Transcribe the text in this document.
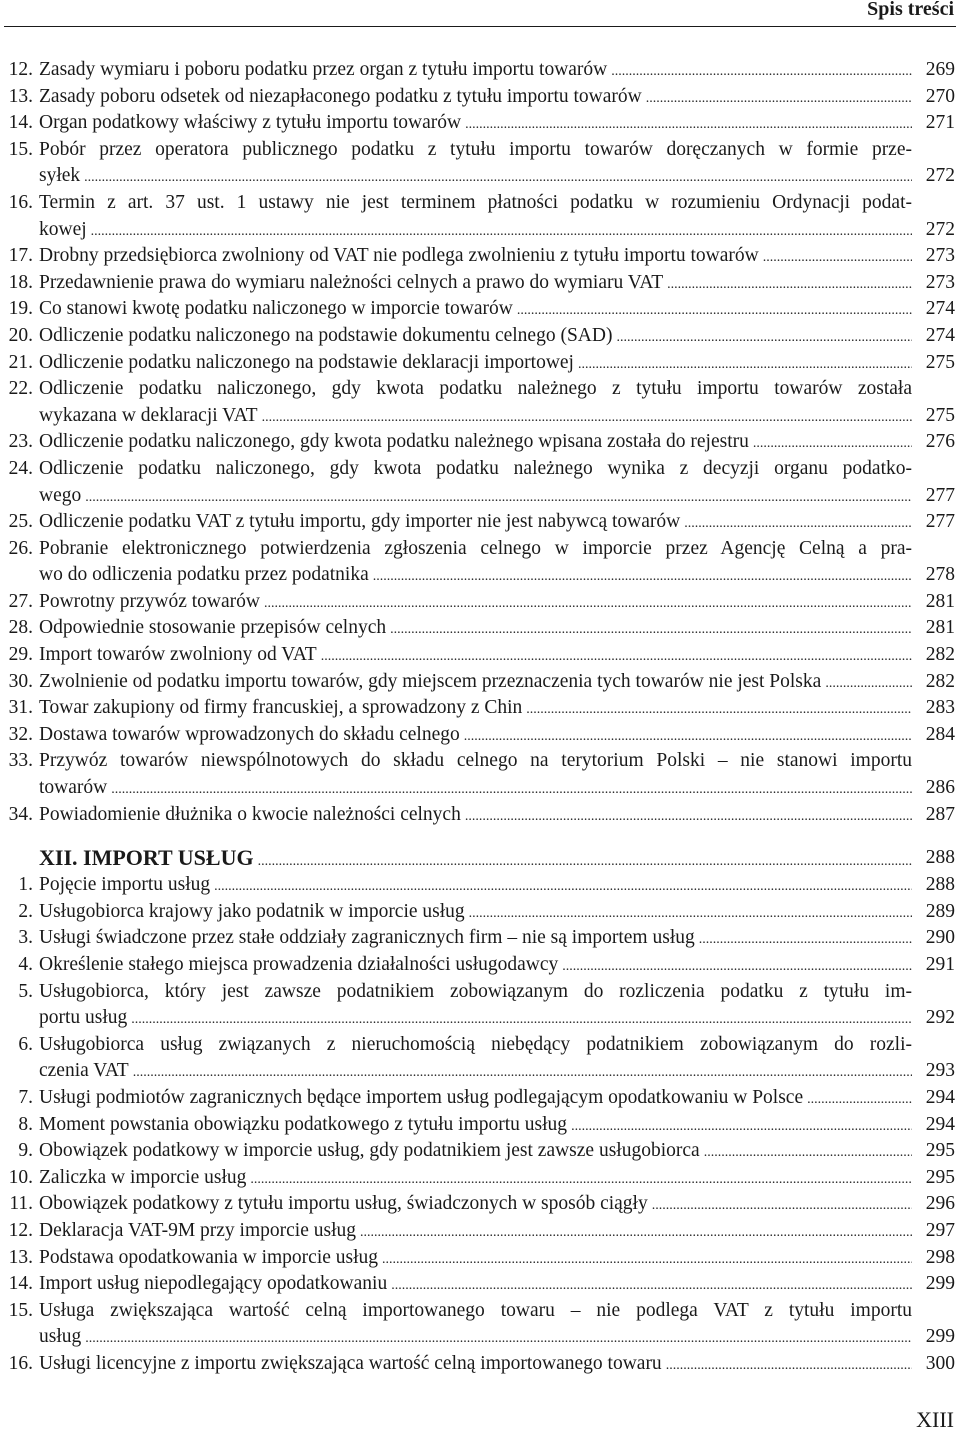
Spis treści
12. Zasady wymiaru i poboru podatku przez organ z tytułu importu towarów .....	269
13. Zasady poboru odsetek od niezapłaconego podatku z tytułu importu towarów .....	270
14. Organ podatkowy właściwy z tytułu importu towarów .....	271
15. Pobór przez operatora publicznego podatku z tytułu importu towarów doręczanych w formie prze-
syłek .....	272
16. Termin z art. 37 ust. 1 ustawy nie jest terminem płatności podatku w rozumieniu Ordynacji podat-
kowej .....	272
17. Drobny przedsiębiorca zwolniony od VAT nie podlega zwolnieniu z tytułu importu towarów .....	273
18. Przedawnienie prawa do wymiaru należności celnych a prawo do wymiaru VAT .....	273
19. Co stanowi kwotę podatku naliczonego w imporcie towarów .....	274
20. Odliczenie podatku naliczonego na podstawie dokumentu celnego (SAD) .....	274
21. Odliczenie podatku naliczonego na podstawie deklaracji importowej .....	275
22. Odliczenie podatku naliczonego, gdy kwota podatku należnego z tytułu importu towarów została
wykazana w deklaracji VAT .....	275
23. Odliczenie podatku naliczonego, gdy kwota podatku należnego wpisana została do rejestru .....	276
24. Odliczenie podatku naliczonego, gdy kwota podatku należnego wynika z decyzji organu podatko-
wego .....	277
25. Odliczenie podatku VAT z tytułu importu, gdy importer nie jest nabywcą towarów .....	277
26. Pobranie elektronicznego potwierdzenia zgłoszenia celnego w imporcie przez Agencję Celną a pra-
wo do odliczenia podatku przez podatnika .....	278
27. Powrotny przywóz towarów .....	281
28. Odpowiednie stosowanie przepisów celnych .....	281
29. Import towarów zwolniony od VAT .....	282
30. Zwolnienie od podatku importu towarów, gdy miejscem przeznaczenia tych towarów nie jest Polska .....	282
31. Towar zakupiony od firmy francuskiej, a sprowadzony z Chin .....	283
32. Dostawa towarów wprowadzonych do składu celnego .....	284
33. Przywóz towarów niewspólnotowych do składu celnego na terytorium Polski – nie stanowi importu
towarów .....	286
34. Powiadomienie dłużnika o kwocie należności celnych .....	287
XII. IMPORT USŁUG .....	288
1. Pojęcie importu usług .....	288
2. Usługobiorca krajowy jako podatnik w imporcie usług .....	289
3. Usługi świadczone przez stałe oddziały zagranicznych firm – nie są importem usług .....	290
4. Określenie stałego miejsca prowadzenia działalności usługodawcy .....	291
5. Usługobiorca, który jest zawsze podatnikiem zobowiązanym do rozliczenia podatku z tytułu im-
portu usług .....	292
6. Usługobiorca usług związanych z nieruchomością niebędący podatnikiem zobowiązanym do rozli-
czenia VAT .....	293
7. Usługi podmiotów zagranicznych będące importem usług podlegającym opodatkowaniu w Polsce .....	294
8. Moment powstania obowiązku podatkowego z tytułu importu usług .....	294
9. Obowiązek podatkowy w imporcie usług, gdy podatnikiem jest zawsze usługobiorca .....	295
10. Zaliczka w imporcie usług .....	295
11. Obowiązek podatkowy z tytułu importu usług, świadczonych w sposób ciągły .....	296
12. Deklaracja VAT-9M przy imporcie usług .....	297
13. Podstawa opodatkowania w imporcie usług .....	298
14. Import usług niepodlegający opodatkowaniu .....	299
15. Usługa zwiększająca wartość celną importowanego towaru – nie podlega VAT z tytułu importu
usług .....	299
16. Usługi licencyjne z importu zwiększająca wartość celną importowanego towaru .....	300
XIII
